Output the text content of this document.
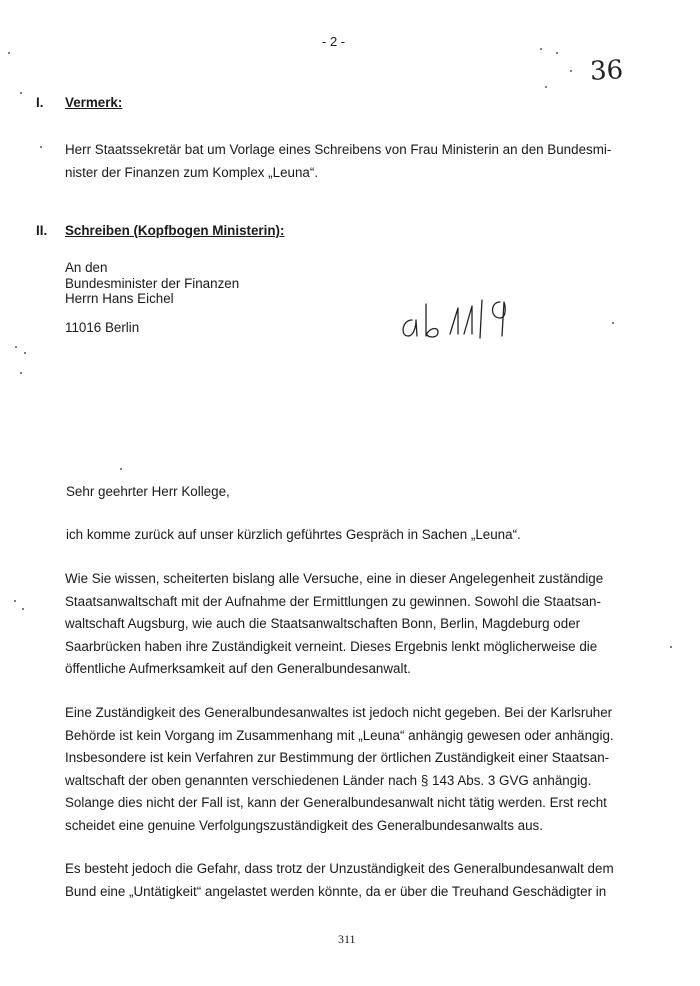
- 2 -
36
I. Vermerk:
Herr Staatssekretär bat um Vorlage eines Schreibens von Frau Ministerin an den Bundesmi-
nister der Finanzen zum Komplex „Leuna“.
II. Schreiben (Kopfbogen Ministerin):
An den
Bundesminister der Finanzen
Herrn Hans Eichel
11016 Berlin
Sehr geehrter Herr Kollege,
ich komme zurück auf unser kürzlich geführtes Gespräch in Sachen „Leuna“.
Wie Sie wissen, scheiterten bislang alle Versuche, eine in dieser Angelegenheit zuständige
Staatsanwaltschaft mit der Aufnahme der Ermittlungen zu gewinnen. Sowohl die Staatsan-
waltschaft Augsburg, wie auch die Staatsanwaltschaften Bonn, Berlin, Magdeburg oder
Saarbrücken haben ihre Zuständigkeit verneint. Dieses Ergebnis lenkt möglicherweise die
öffentliche Aufmerksamkeit auf den Generalbundesanwalt.
Eine Zuständigkeit des Generalbundesanwaltes ist jedoch nicht gegeben. Bei der Karlsruher
Behörde ist kein Vorgang im Zusammenhang mit „Leuna“ anhängig gewesen oder anhängig.
Insbesondere ist kein Verfahren zur Bestimmung der örtlichen Zuständigkeit einer Staatsan-
waltschaft der oben genannten verschiedenen Länder nach § 143 Abs. 3 GVG anhängig.
Solange dies nicht der Fall ist, kann der Generalbundesanwalt nicht tätig werden. Erst recht
scheidet eine genuine Verfolgungszuständigkeit des Generalbundesanwalts aus.
Es besteht jedoch die Gefahr, dass trotz der Unzuständigkeit des Generalbundesanwalt dem
Bund eine „Untätigkeit“ angelastet werden könnte, da er über die Treuhand Geschädigter in
311
